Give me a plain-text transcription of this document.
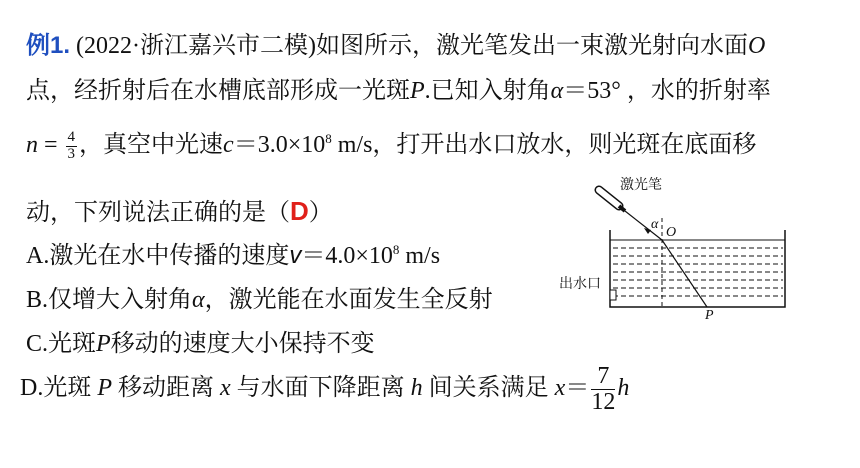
例1. (2022·浙江嘉兴市二模)如图所示，激光笔发出一束激光射向水面O
点，经折射后在水槽底部形成一光斑P.已知入射角α＝53° ，水的折射率
$n = \frac{4}{3}$ ，真空中光速$c=3.0\times 10^8$ m/s，打开出水口放水，则光斑在底面移
动，下列说法正确的是（D）
A.激光在水中传播的速度$v=4.0\times 10^8$ m/s
B.仅增大入射角α，激光能在水面发生全反射
C.光斑P移动的速度大小保持不变
D.光斑 P 移动距离 x 与水面下降距离 h 间关系满足 $x= \frac{7}{12}$ h
激光笔
出水口
α
O
P
